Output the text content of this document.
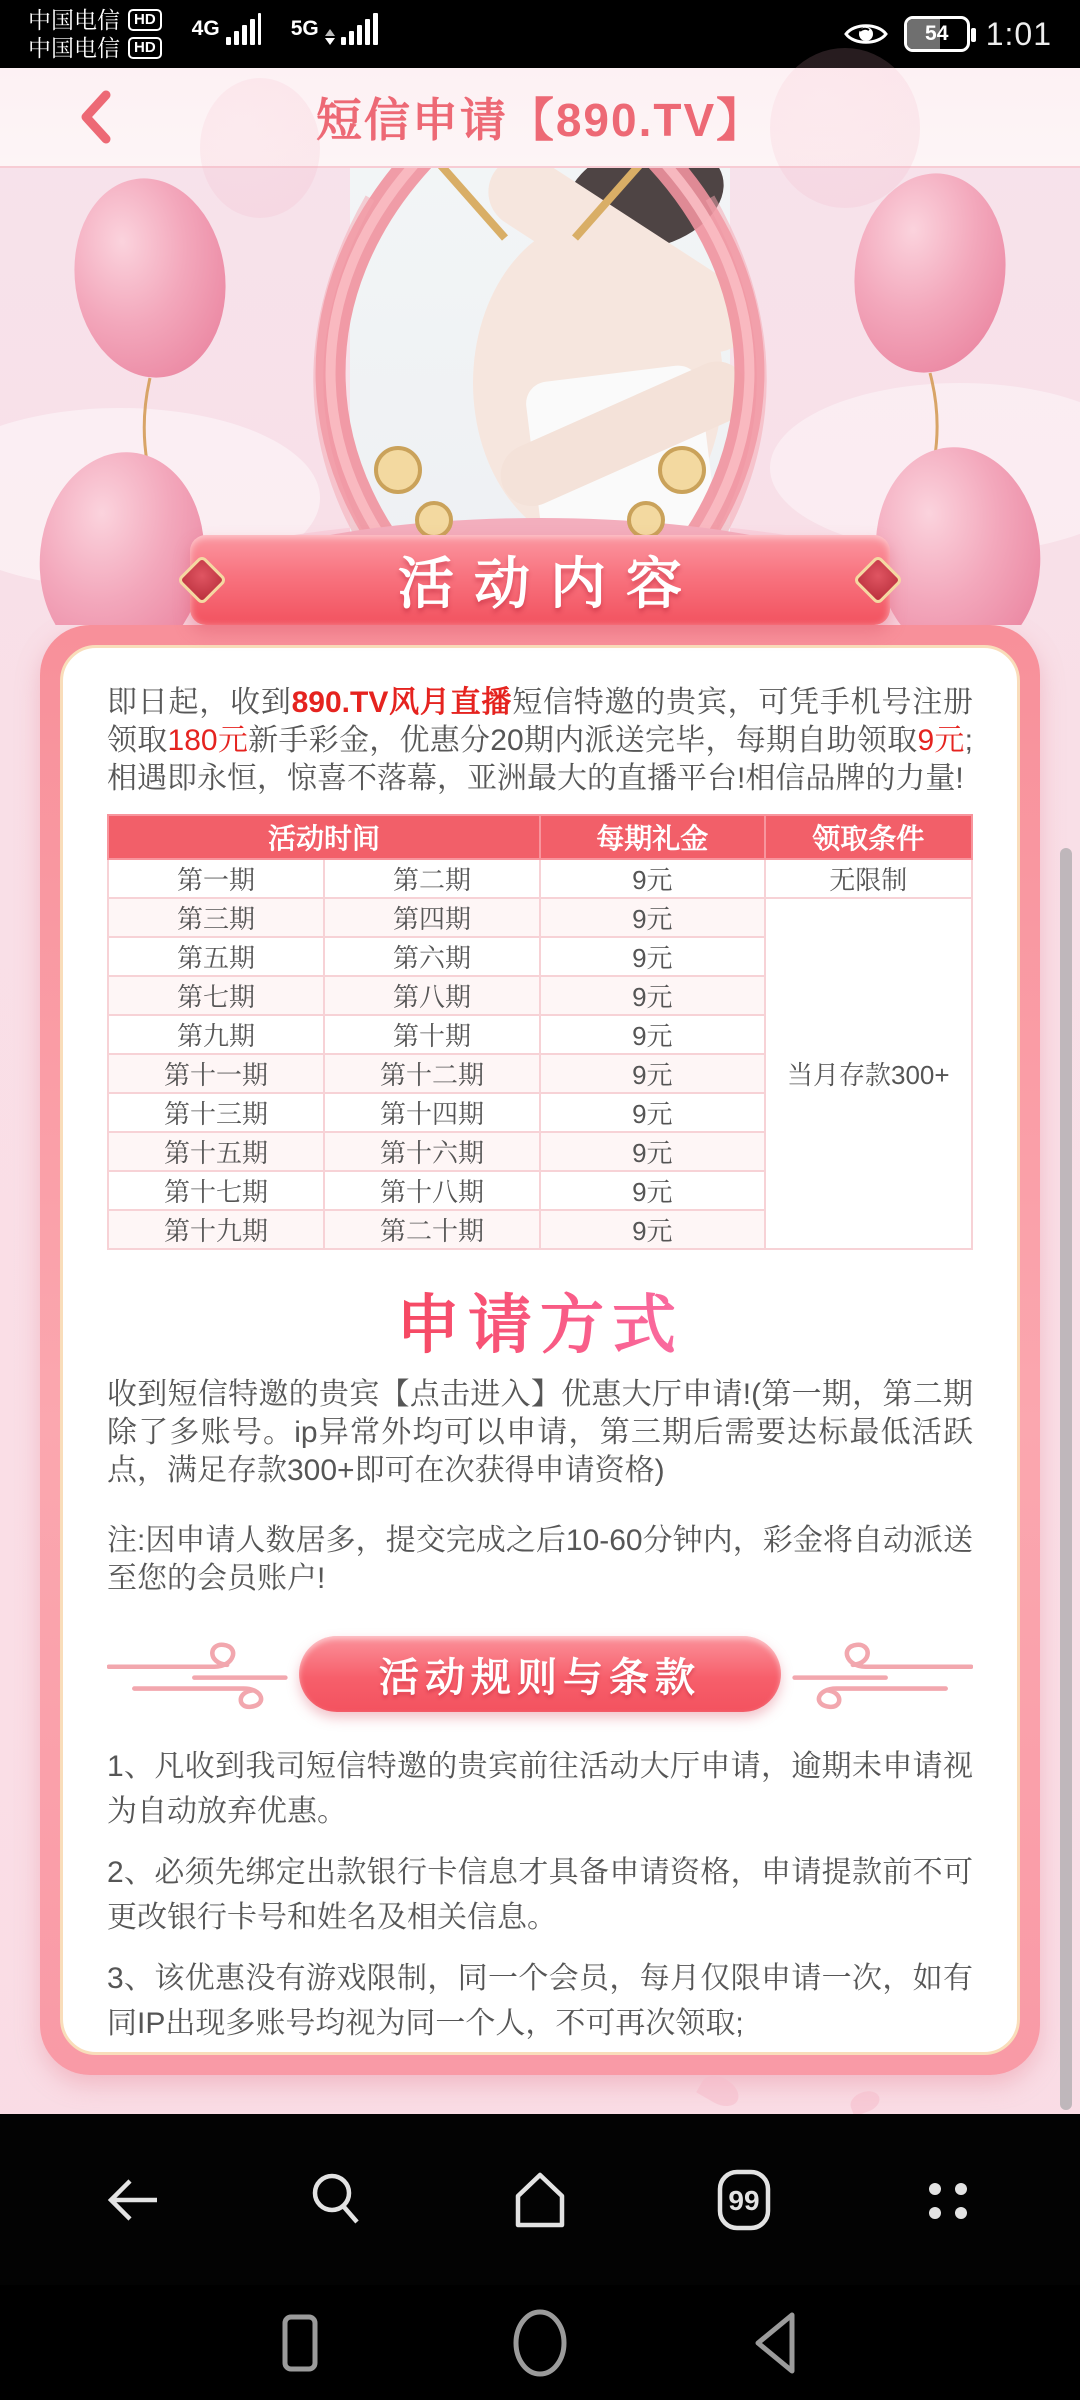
中国电信 HD
中国电信 HD
4G	5G	54 1:01
短信申请【890.TV】
活动内容

即日起，收到890.TV风月直播短信特邀的贵宾，可凭手机号注册领取180元新手彩金，优惠分20期内派送完毕，每期自助领取9元;相遇即永恒，惊喜不落幕，亚洲最大的直播平台!相信品牌的力量!

活动时间		每期礼金	领取条件
第一期	第二期	9元	无限制
第三期	第四期	9元	当月存款300+
第五期	第六期	9元	
第七期	第八期	9元	
第九期	第十期	9元	
第十一期	第十二期	9元	
第十三期	第十四期	9元	
第十五期	第十六期	9元	
第十七期	第十八期	9元	
第十九期	第二十期	9元	
申请方式

收到短信特邀的贵宾【点击进入】优惠大厅申请!(第一期，第二期除了多账号。ip异常外均可以申请，第三期后需要达标最低活跃点，满足存款300+即可在次获得申请资格)

注:因申请人数居多，提交完成之后10-60分钟内，彩金将自动派送至您的会员账户!

活动规则与条款
1、凡收到我司短信特邀的贵宾前往活动大厅申请，逾期未申请视为自动放弃优惠。
2、必须先绑定出款银行卡信息才具备申请资格，申请提款前不可更改银行卡号和姓名及相关信息。
3、该优惠没有游戏限制，同一个会员，每月仅限申请一次，如有同IP出现多账号均视为同一个人，不可再次领取;
99
